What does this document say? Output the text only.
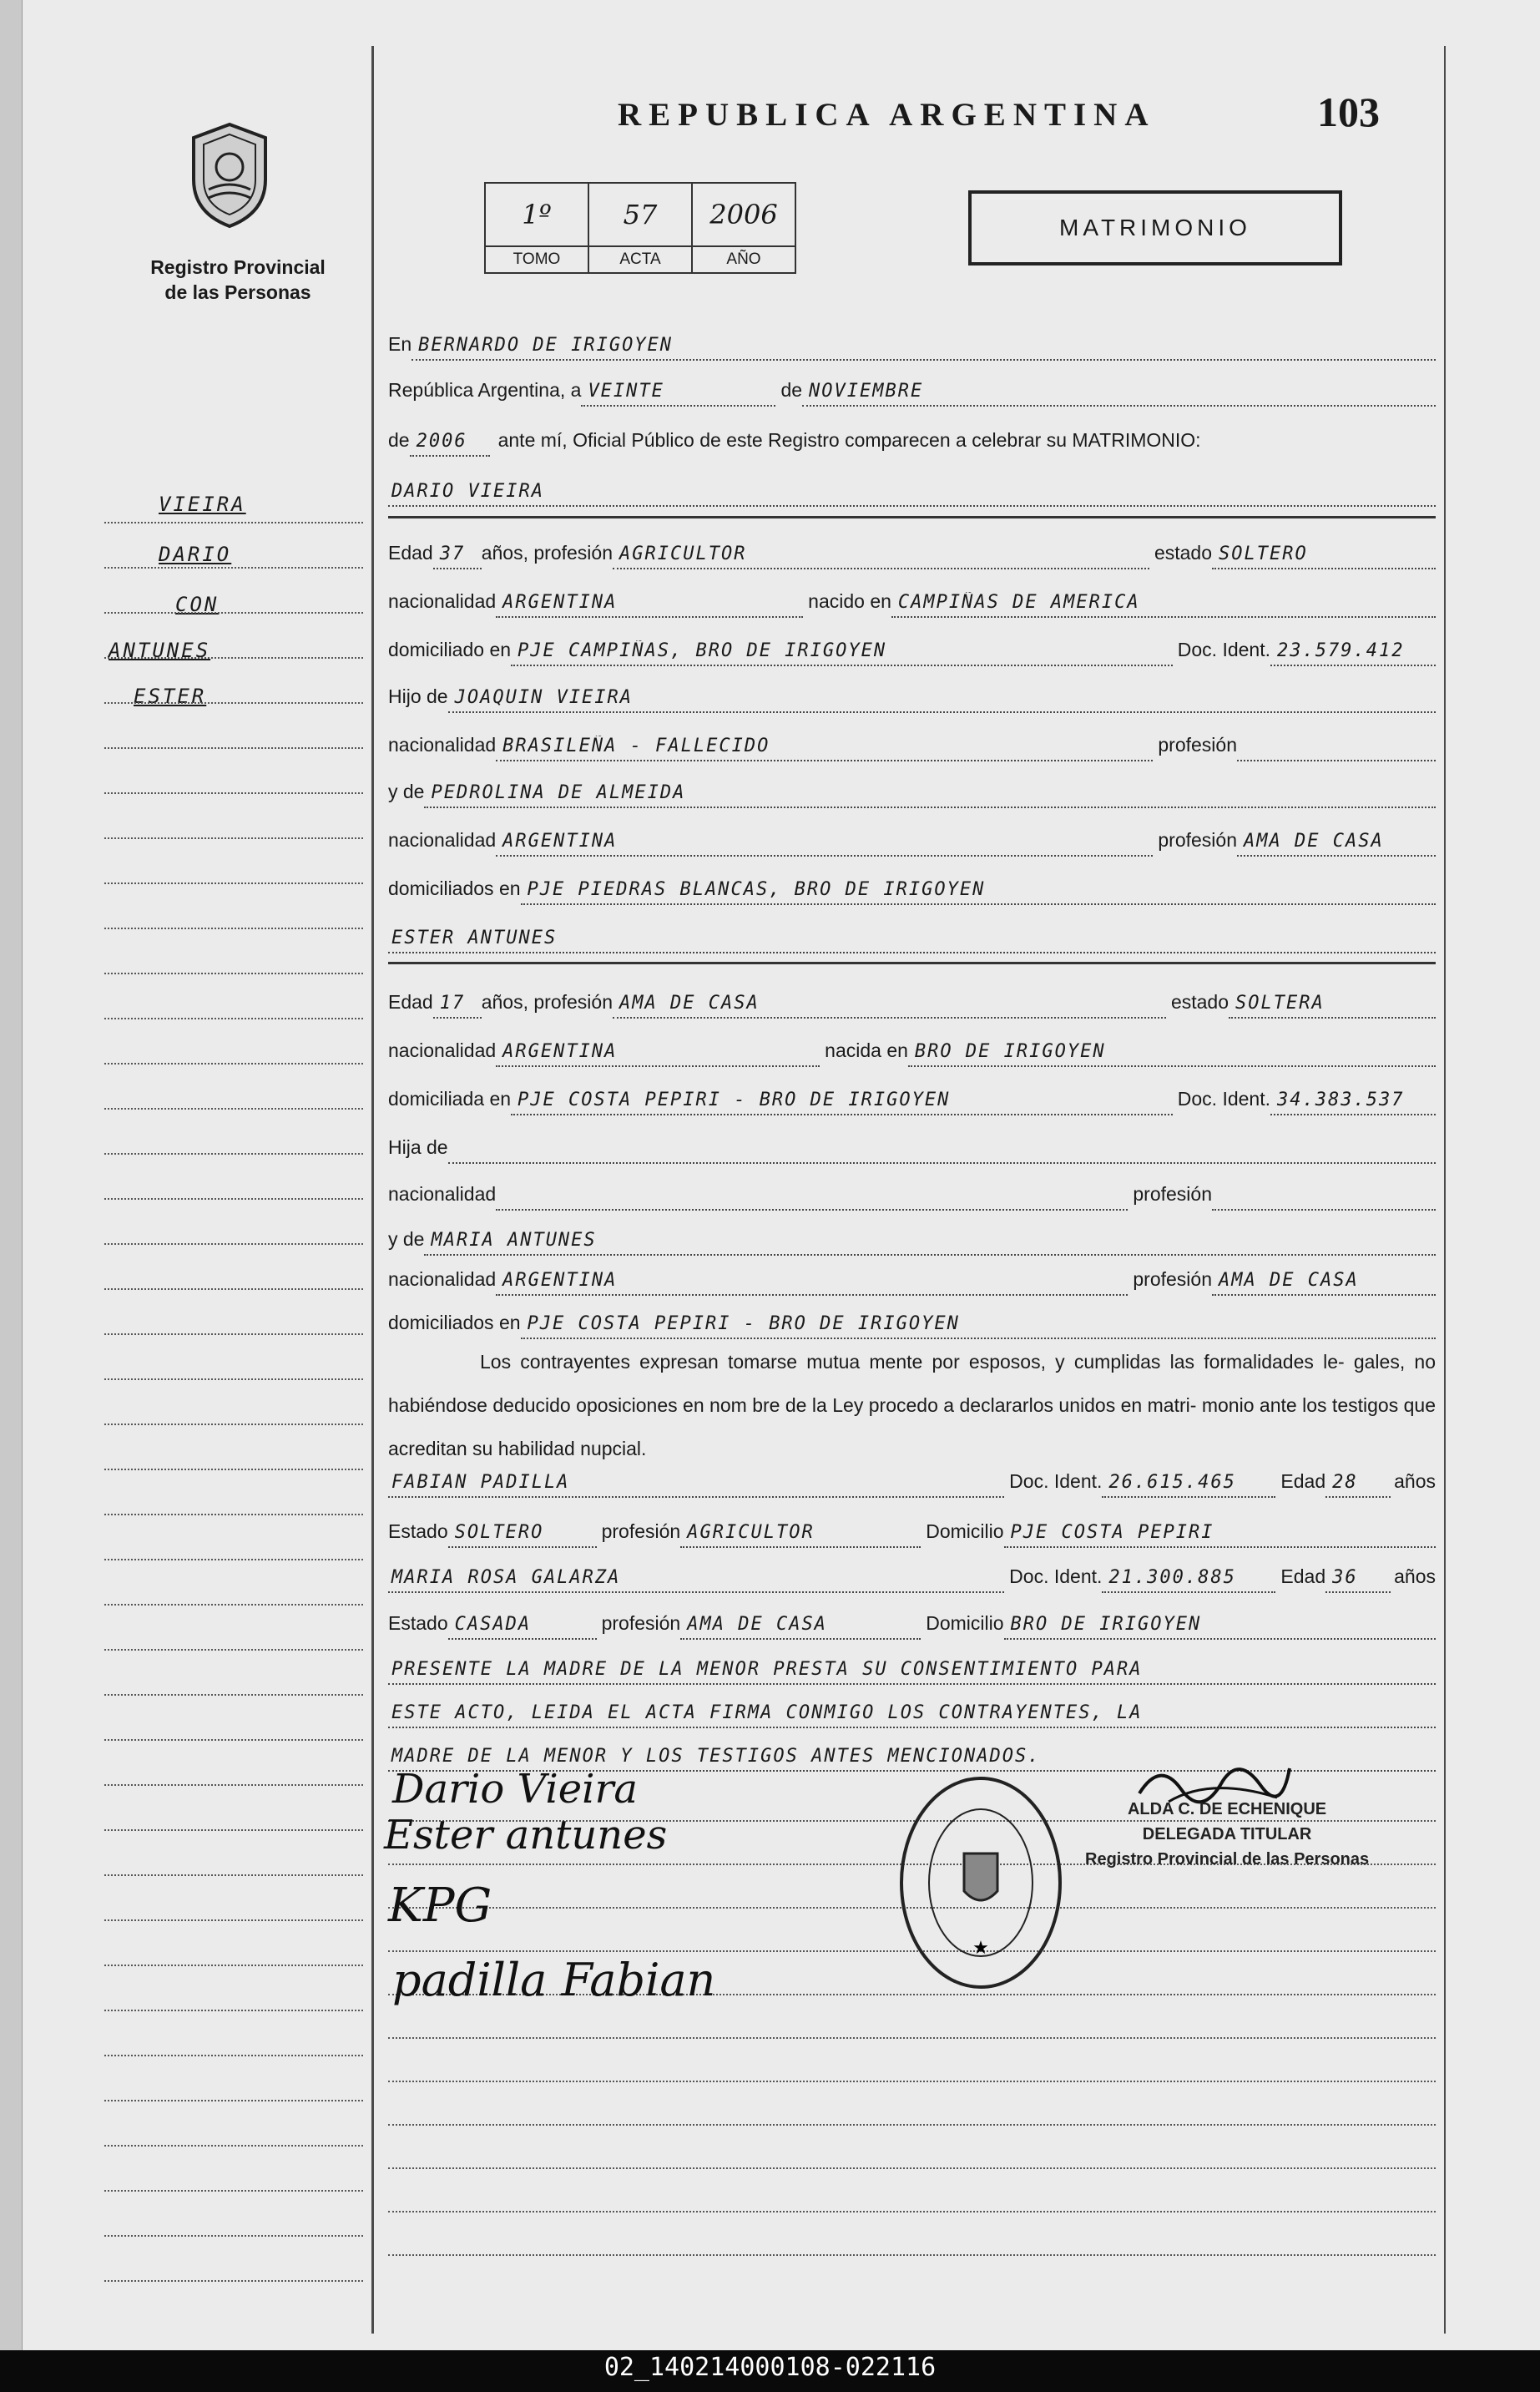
Registro Provincial
de las Personas
REPUBLICA ARGENTINA	103
1º	57	2006
TOMO	ACTA	AÑO
MATRIMONIO
VIEIRA
DARIO
CON
ANTUNES
ESTER
En BERNARDO DE IRIGOYEN
República Argentina, a VEINTE	de NOVIEMBRE
de 2006	ante mí, Oficial Público de este Registro comparecen a celebrar su MATRIMONIO:
DARIO VIEIRA
Edad 37 años, profesión AGRICULTOR	estado SOLTERO
nacionalidad ARGENTINA	nacido en CAMPIÑAS DE AMERICA
domiciliado en PJE CAMPIÑAS, BRO DE IRIGOYEN	Doc. Ident. 23.579.412
Hijo de JOAQUIN VIEIRA
nacionalidad BRASILEÑA - FALLECIDO	profesión
y de PEDROLINA DE ALMEIDA
nacionalidad ARGENTINA	profesión AMA DE CASA
domiciliados en PJE PIEDRAS BLANCAS, BRO DE IRIGOYEN
ESTER ANTUNES
Edad 17 años, profesión AMA DE CASA	estado SOLTERA
nacionalidad ARGENTINA	nacida en BRO DE IRIGOYEN
domiciliada en PJE COSTA PEPIRI - BRO DE IRIGOYEN	Doc. Ident. 34.383.537
Hija de
nacionalidad	profesión
y de MARIA ANTUNES
nacionalidad ARGENTINA	profesión AMA DE CASA
domiciliados en PJE COSTA PEPIRI - BRO DE IRIGOYEN
Los contrayentes expresan tomarse mutua mente por esposos, y cumplidas las formalidades le- gales, no habiéndose deducido oposiciones en nom bre de la Ley procedo a declararlos unidos en matri- monio ante los testigos que acreditan su habilidad nupcial.
FABIAN PADILLA	Doc. Ident. 26.615.465	Edad 28	años
Estado SOLTERO	profesión AGRICULTOR	Domicilio PJE COSTA PEPIRI
MARIA ROSA GALARZA	Doc. Ident. 21.300.885	Edad 36	años
Estado CASADA	profesión AMA DE CASA	Domicilio BRO DE IRIGOYEN
PRESENTE LA MADRE DE LA MENOR PRESTA SU CONSENTIMIENTO PARA
ESTE ACTO, LEIDA EL ACTA FIRMA CONMIGO LOS CONTRAYENTES, LA
MADRE DE LA MENOR Y LOS TESTIGOS ANTES MENCIONADOS.
Dario Vieira
Ester antunes
KPG
padilla Fabian
★
ALDA C. DE ECHENIQUE
DELEGADA TITULAR
Registro Provincial de las Personas
02_140214000108-022116
